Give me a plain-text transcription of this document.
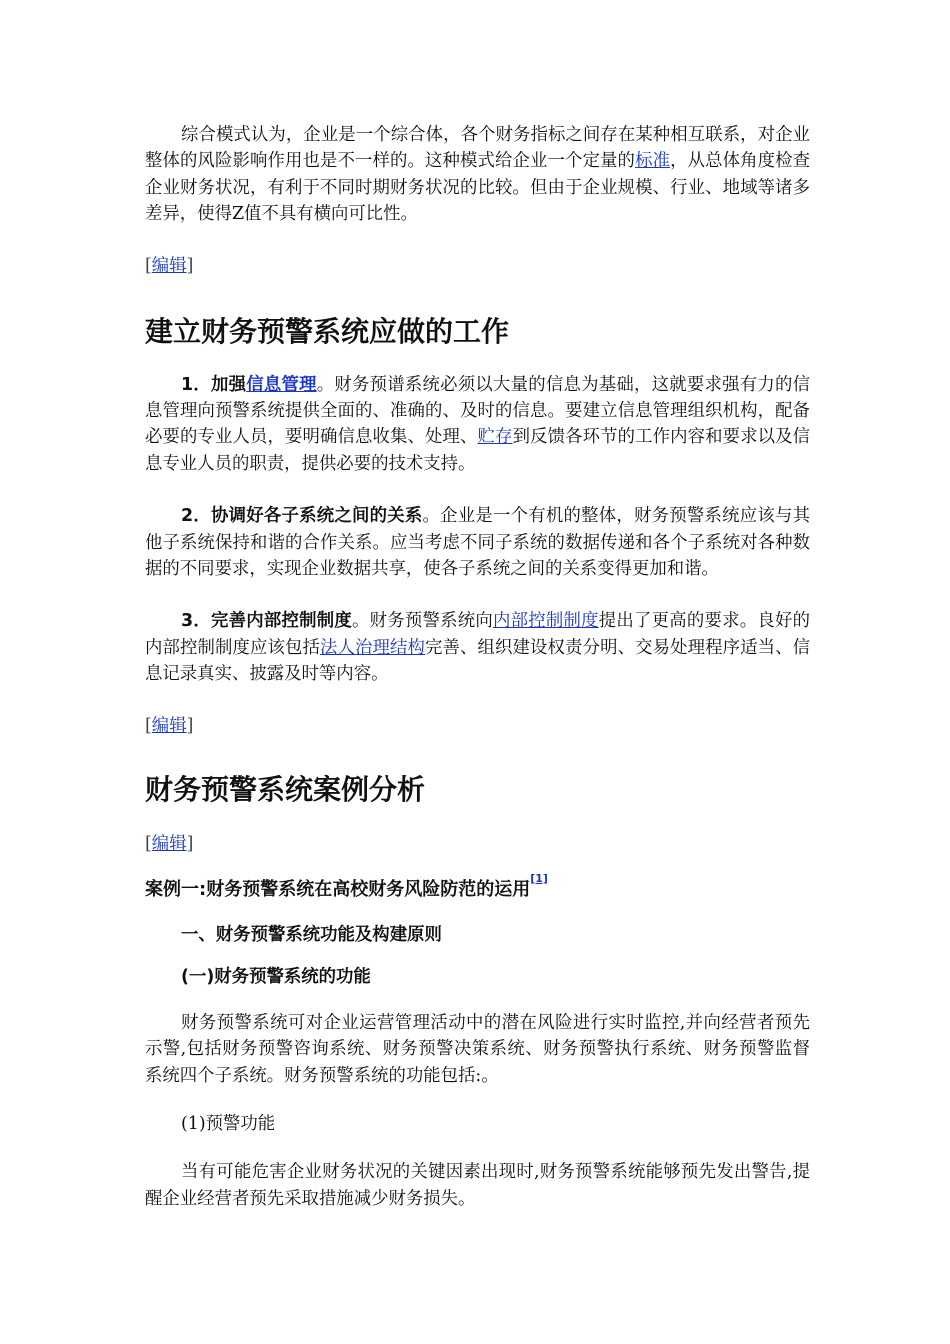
综合模式认为，企业是一个综合体，各个财务指标之间存在某种相互联系，对企业整体的风险影响作用也是不一样的。这种模式给企业一个定量的标准，从总体角度检查企业财务状况，有利于不同时期财务状况的比较。但由于企业规模、行业、地域等诸多差异，使得Z值不具有横向可比性。

[编辑]
建立财务预警系统应做的工作

1．加强信息管理。财务预谱系统必须以大量的信息为基础，这就要求强有力的信息管理向预警系统提供全面的、准确的、及时的信息。要建立信息管理组织机构，配备必要的专业人员，要明确信息收集、处理、贮存到反馈各环节的工作内容和要求以及信息专业人员的职责，提供必要的技术支持。

2．协调好各子系统之间的关系。企业是一个有机的整体，财务预警系统应该与其他子系统保持和谐的合作关系。应当考虑不同子系统的数据传递和各个子系统对各种数据的不同要求，实现企业数据共享，使各子系统之间的关系变得更加和谐。

3．完善内部控制制度。财务预警系统向内部控制制度提出了更高的要求。良好的内部控制制度应该包括法人治理结构完善、组织建设权责分明、交易处理程序适当、信息记录真实、披露及时等内容。

[编辑]
财务预警系统案例分析
[编辑]
案例一:财务预警系统在高校财务风险防范的运用[1]
一、财务预警系统功能及构建原则
(一)财务预警系统的功能

财务预警系统可对企业运营管理活动中的潜在风险进行实时监控,并向经营者预先示警,包括财务预警咨询系统、财务预警决策系统、财务预警执行系统、财务预警监督系统四个子系统。财务预警系统的功能包括:。

(1)预警功能

当有可能危害企业财务状况的关键因素出现时,财务预警系统能够预先发出警告,提醒企业经营者预先采取措施减少财务损失。
